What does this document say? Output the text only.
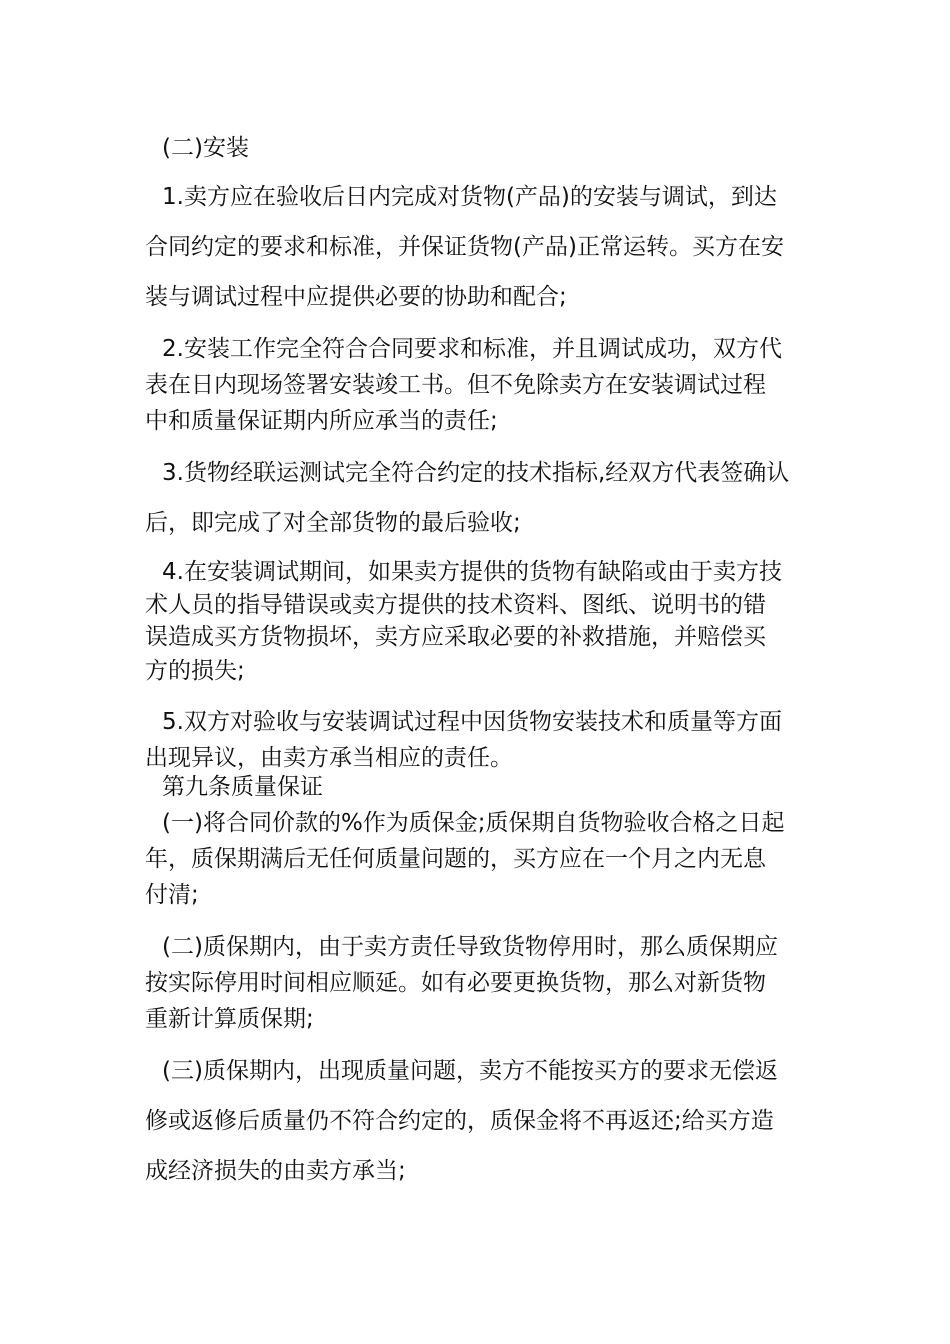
(二)安装
1.卖方应在验收后日内完成对货物(产品)的安装与调试，到达
合同约定的要求和标准，并保证货物(产品)正常运转。买方在安
装与调试过程中应提供必要的协助和配合;
2.安装工作完全符合合同要求和标准，并且调试成功，双方代
表在日内现场签署安装竣工书。但不免除卖方在安装调试过程
中和质量保证期内所应承当的责任;
3.货物经联运测试完全符合约定的技术指标,经双方代表签确认
后，即完成了对全部货物的最后验收;
4.在安装调试期间，如果卖方提供的货物有缺陷或由于卖方技
术人员的指导错误或卖方提供的技术资料、图纸、说明书的错
误造成买方货物损坏，卖方应采取必要的补救措施，并赔偿买
方的损失;
5.双方对验收与安装调试过程中因货物安装技术和质量等方面
出现异议，由卖方承当相应的责任。
第九条质量保证
(一)将合同价款的%作为质保金;质保期自货物验收合格之日起
年，质保期满后无任何质量问题的，买方应在一个月之内无息
付清;
(二)质保期内，由于卖方责任导致货物停用时，那么质保期应
按实际停用时间相应顺延。如有必要更换货物，那么对新货物
重新计算质保期;
(三)质保期内，出现质量问题，卖方不能按买方的要求无偿返
修或返修后质量仍不符合约定的，质保金将不再返还;给买方造
成经济损失的由卖方承当;
